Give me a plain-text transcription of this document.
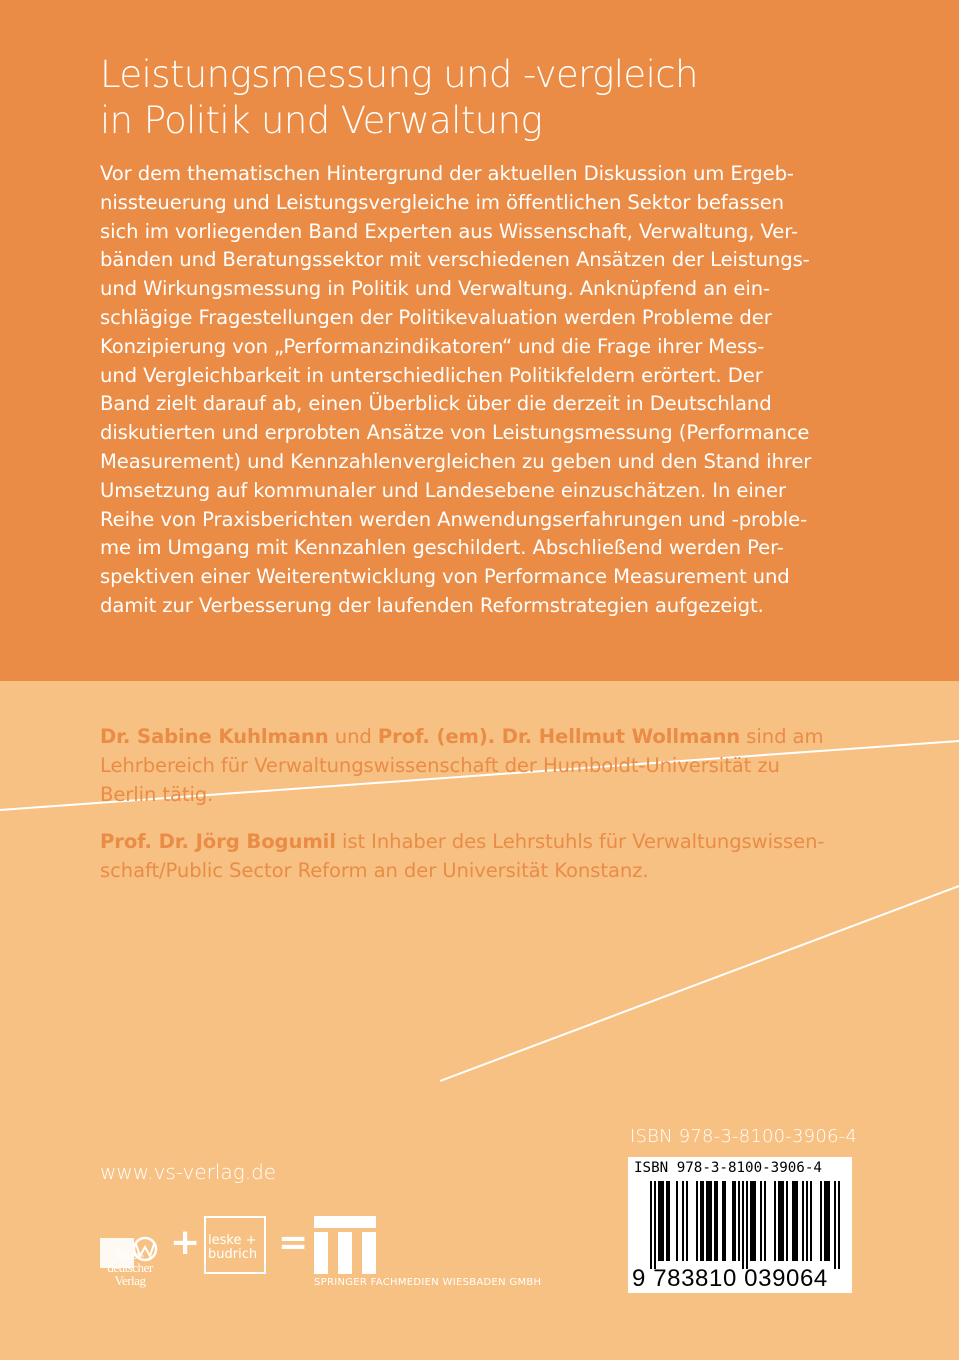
Leistungsmessung und -vergleich
in Politik und Verwaltung
Vor dem thematischen Hintergrund der aktuellen Diskussion um Ergeb-
nissteuerung und Leistungsvergleiche im öffentlichen Sektor befassen
sich im vorliegenden Band Experten aus Wissenschaft, Verwaltung, Ver-
bänden und Beratungssektor mit verschiedenen Ansätzen der Leistungs-
und Wirkungsmessung in Politik und Verwaltung. Anknüpfend an ein-
schlägige Fragestellungen der Politikevaluation werden Probleme der
Konzipierung von „Performanzindikatoren“ und die Frage ihrer Mess-
und Vergleichbarkeit in unterschiedlichen Politikfeldern erörtert. Der
Band zielt darauf ab, einen Überblick über die derzeit in Deutschland
diskutierten und erprobten Ansätze von Leistungsmessung (Performance
Measurement) und Kennzahlenvergleichen zu geben und den Stand ihrer
Umsetzung auf kommunaler und Landesebene einzuschätzen. In einer
Reihe von Praxisberichten werden Anwendungserfahrungen und -proble-
me im Umgang mit Kennzahlen geschildert. Abschließend werden Per-
spektiven einer Weiterentwicklung von Performance Measurement und
damit zur Verbesserung der laufenden Reformstrategien aufgezeigt.

Dr. Sabine Kuhlmann und Prof. (em). Dr. Hellmut Wollmann sind am
Lehrbereich für Verwaltungswissenschaft der Humboldt-Universität zu
Berlin tätig.

Prof. Dr. Jörg Bogumil ist Inhaber des Lehrstuhls für Verwaltungswissen-
schaft/Public Sector Reform an der Universität Konstanz.

www.vs-verlag.de
West-
deutscher
Verlag
+ leske +
budrich =
SPRINGER FACHMEDIEN WIESBADEN GMBH
ISBN 978-3-8100-3906-4
ISBN 978-3-8100-3906-4
9 783810 039064
